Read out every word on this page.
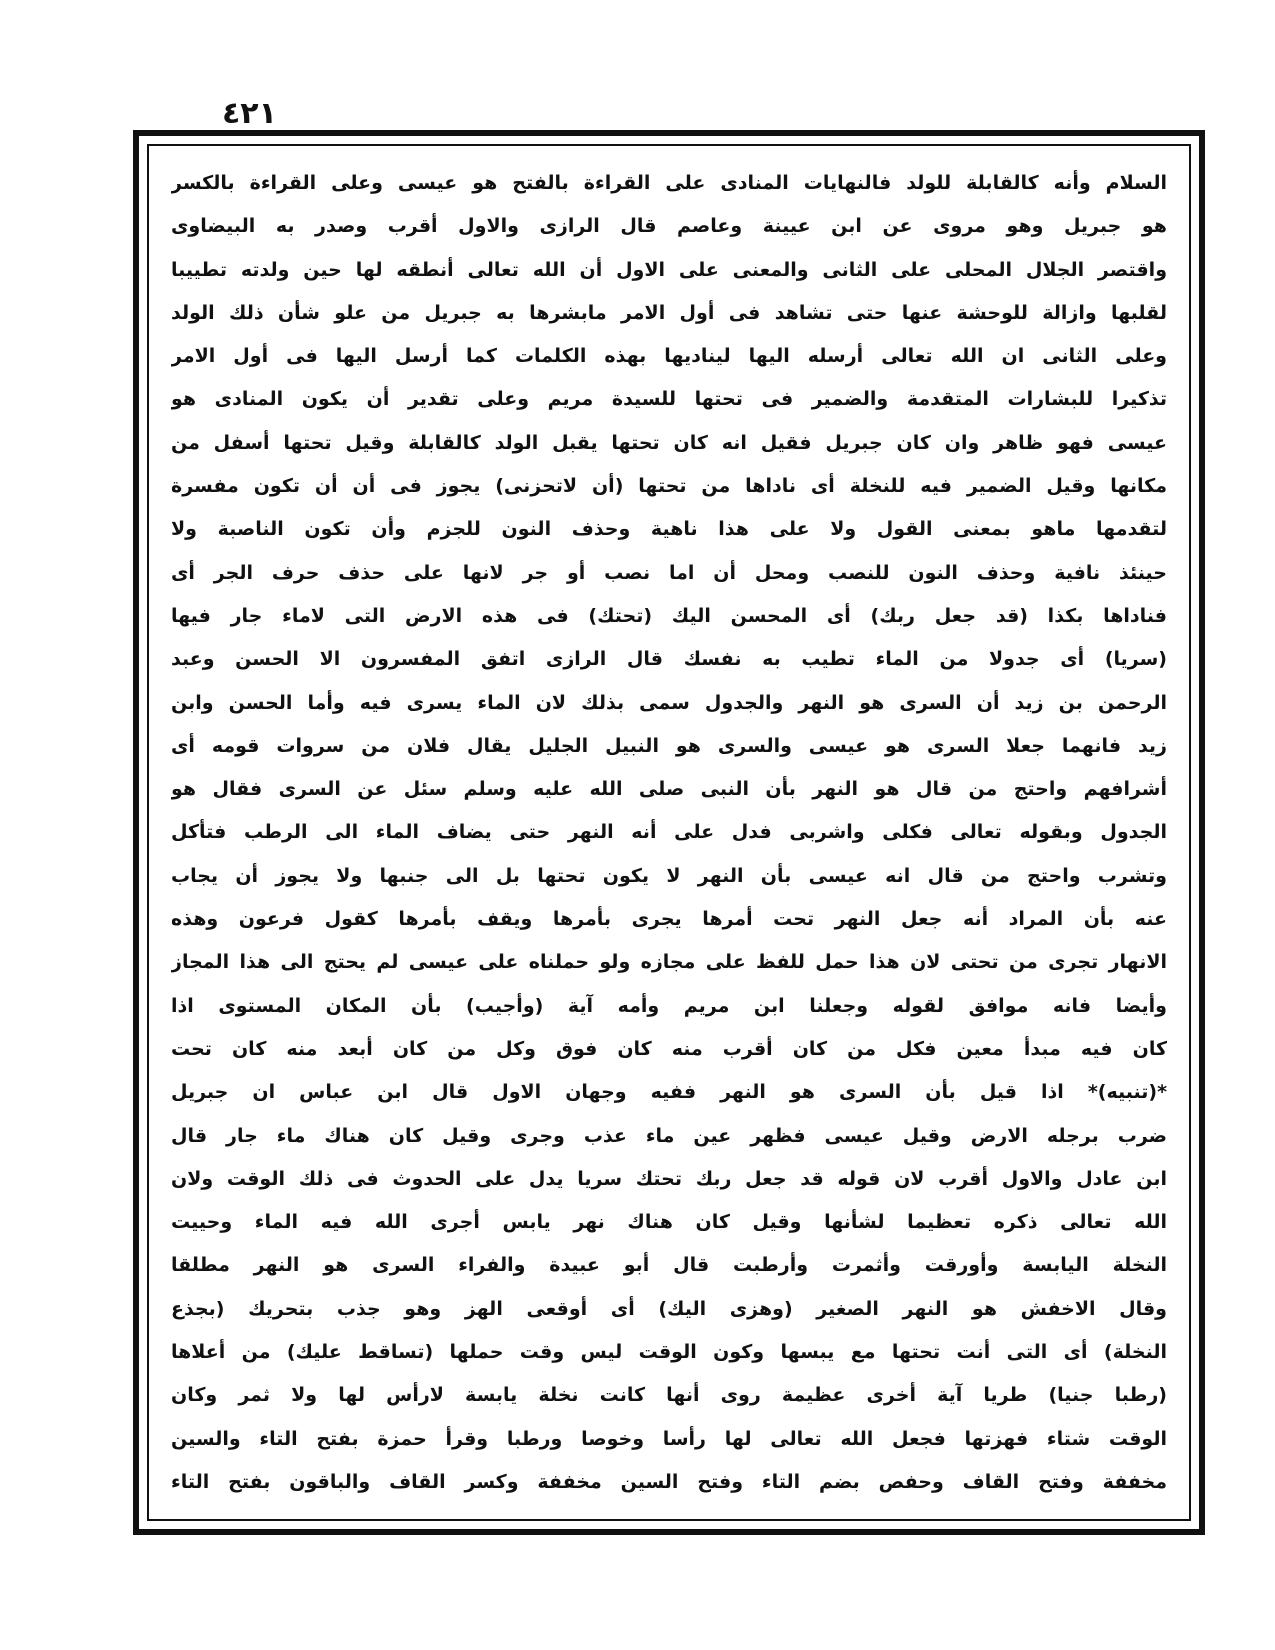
٤٢١
السلام وأنه كالقابلة للولد فالنهايات المنادى على القراءة بالفتح هو عيسى وعلى القراءة بالكسر
هو جبريل وهو مروى عن ابن عيينة وعاصم قال الرازى والاول أقرب وصدر به البيضاوى
واقتصر الجلال المحلى على الثانى والمعنى على الاول أن الله تعالى أنطقه لها حين ولدته تطييبا
لقلبها وازالة للوحشة عنها حتى تشاهد فى أول الامر مابشرها به جبريل من علو شأن ذلك الولد
وعلى الثانى ان الله تعالى أرسله اليها ليناديها بهذه الكلمات كما أرسل اليها فى أول الامر
تذكيرا للبشارات المتقدمة والضمير فى تحتها للسيدة مريم وعلى تقدير أن يكون المنادى هو
عيسى فهو ظاهر وان كان جبريل فقيل انه كان تحتها يقبل الولد كالقابلة وقيل تحتها أسفل من
مكانها وقيل الضمير فيه للنخلة أى ناداها من تحتها (أن لاتحزنى) يجوز فى أن أن تكون مفسرة
لتقدمها ماهو بمعنى القول ولا على هذا ناهية وحذف النون للجزم وأن تكون الناصبة ولا
حينئذ نافية وحذف النون للنصب ومحل أن اما نصب أو جر لانها على حذف حرف الجر أى
فناداها بكذا (قد جعل ربك) أى المحسن اليك (تحتك) فى هذه الارض التى لاماء جار فيها
(سريا) أى جدولا من الماء تطيب به نفسك قال الرازى اتفق المفسرون الا الحسن وعبد
الرحمن بن زيد أن السرى هو النهر والجدول سمى بذلك لان الماء يسرى فيه وأما الحسن وابن
زيد فانهما جعلا السرى هو عيسى والسرى هو النبيل الجليل يقال فلان من سروات قومه أى
أشرافهم واحتج من قال هو النهر بأن النبى صلى الله عليه وسلم سئل عن السرى فقال هو
الجدول وبقوله تعالى فكلى واشربى فدل على أنه النهر حتى يضاف الماء الى الرطب فتأكل
وتشرب واحتج من قال انه عيسى بأن النهر لا يكون تحتها بل الى جنبها ولا يجوز أن يجاب
عنه بأن المراد أنه جعل النهر تحت أمرها يجرى بأمرها ويقف بأمرها كقول فرعون وهذه
الانهار تجرى من تحتى لان هذا حمل للفظ على مجازه ولو حملناه على عيسى لم يحتج الى هذا المجاز
وأيضا فانه موافق لقوله وجعلنا ابن مريم وأمه آية (وأجيب) بأن المكان المستوى اذا
كان فيه مبدأ معين فكل من كان أقرب منه كان فوق وكل من كان أبعد منه كان تحت
*(تنبيه)* اذا قيل بأن السرى هو النهر ففيه وجهان الاول قال ابن عباس ان جبريل
ضرب برجله الارض وقيل عيسى فظهر عين ماء عذب وجرى وقيل كان هناك ماء جار قال
ابن عادل والاول أقرب لان قوله قد جعل ربك تحتك سريا يدل على الحدوث فى ذلك الوقت ولان
الله تعالى ذكره تعظيما لشأنها وقيل كان هناك نهر يابس أجرى الله فيه الماء وحييت
النخلة اليابسة وأورقت وأثمرت وأرطبت قال أبو عبيدة والفراء السرى هو النهر مطلقا
وقال الاخفش هو النهر الصغير (وهزى اليك) أى أوقعى الهز وهو جذب بتحريك (بجذع
النخلة) أى التى أنت تحتها مع يبسها وكون الوقت ليس وقت حملها (تساقط عليك) من أعلاها
(رطبا جنيا) طريا آية أخرى عظيمة روى أنها كانت نخلة يابسة لارأس لها ولا ثمر وكان
الوقت شتاء فهزتها فجعل الله تعالى لها رأسا وخوصا ورطبا وقرأ حمزة بفتح التاء والسين
مخففة وفتح القاف وحفص بضم التاء وفتح السين مخففة وكسر القاف والباقون بفتح التاء
